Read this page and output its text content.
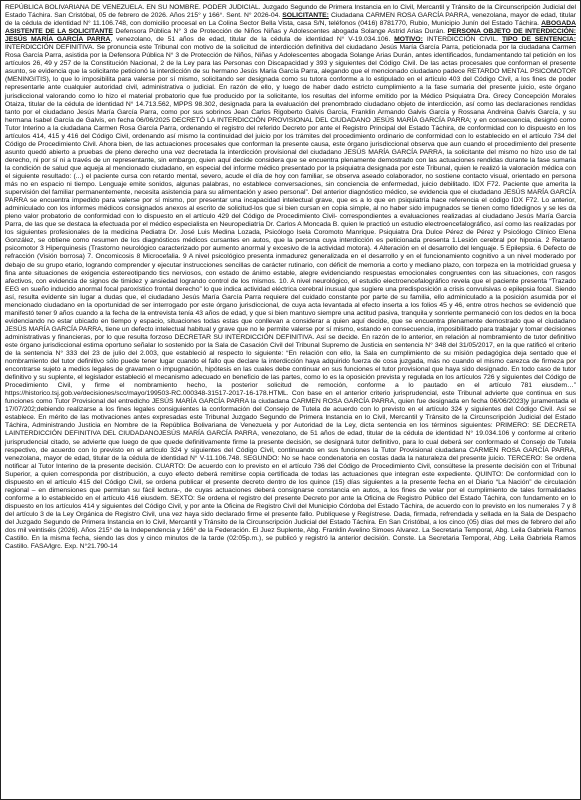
REPÚBLICA BOLIVARIANA DE VENEZUELA. EN SU NOMBRE. PODER JUDICIAL. Juzgado Segundo de Primera Instancia en lo Civil, Mercantil y Tránsito de la Circunscripción Judicial del Estado Táchira. San Cristóbal, 05 de febrero de 2026. Años 215° y 166°. Sent. N° 2026-04. SOLICITANTE: Ciudadana CARMEN ROSA GARCÍA PARRA, venezolana, mayor de edad, titular de la cédula de identidad N° 11.106.748, con domicilio procesal en La Colina Sector Bella Vista, casa S/N, teléfonos (0416) 8781770, Rubio, Municipio Junín del Estado Táchira. ABOGADA ASISTENTE DE LA SOLICITANTE Defensora Pública N° 3 de Protección de Niños Niñas y Adolescentes abogada Solange Astrid Arias Durán. PERSONA OBJETO DE INTERDICCIÓN: JESÚS MARÍA GARCÍA PARRA, venezolano, de 51 años de edad, titular de la cédula de identidad N° V-19.034.106. MOTIVO: INTERDICCIÓN CIVIL. TIPO DE SENTENCIA: INTERDICCIÓN DEFINITIVA. Se pronuncia este Tribunal con motivo de la solicitud de interdicción definitiva del ciudadano Jesús María García Parra, peticionada por la ciudadana Carmen Rosa García Parra, asistida por la Defensora Pública N° 3 de Protección de Niños, Niñas y Adolescentes abogada Solange Arias Durán, antes identificados, fundamentando tal petición en los artículos 26, 49 y 257 de la Constitución Nacional, 2 de la Ley para las Personas con Discapacidad y 393 y siguientes del Código Civil. De las actas procesales que conforman el presente asunto, se evidencia que la solicitante peticionó la interdicción de su hermano Jesús María García Parra, alegando que el mencionado ciudadano padece RETARDO MENTAL PSICOMOTOR (MENINGITIS), lo que lo imposibilita para valerse por sí mismo, solicitando ser designada como su tutora conforme a lo estipulado en el artículo 403 del Código Civil, a los fines de poder representarle ante cualquier autoridad civil, administrativa o judicial. En razón de ello, y luego de haber dado estricto cumplimiento a la fase sumaria del presente juicio, este órgano jurisdiccional valorando como lo hizo el material probatorio que fue producido por la solicitante, los resultas del informe emitido por la Médico Psiquiatra Dra. Grecy Concepción Morales Otaiza, titular de la cédula de identidad N° 14.713.562, MPPS 98.302, designada para la evaluación del prenombrado ciudadano objeto de interdicción, así como las declaraciones rendidas tanto por el ciudadano Jesús María García Parra, como por sus sobrinos Jean Carlos Rigoberto Galvis García, Franklin Armando Galvis García y Rossana Andreina Galvis García, y su hermana Isabel García de Galvis, en fecha 06/06/2025 DECRETÓ LA INTERDICCIÓN PROVISIONAL DEL CIUDADANO JESÚS MARÍA GARCÍA PARRA; y en consecuencia, designó como Tutor Interino a la ciudadana Carmen Rosa García Parra, ordenando el registro del referido Decreto por ante el Registro Principal del Estado Táchira, de conformidad con lo dispuesto en los artículos 414, 415 y 416 del Código Civil, ordenando así mismo la continuidad del juicio por los trámites del procedimiento ordinario de conformidad con lo establecido en el artículo 734 del Código de Procedimiento Civil. Ahora bien, de las actuaciones procesales que conforman la presente causa, este órgano jurisdiccional observa que aun cuando el procedimiento del presente asunto quedó abierto a pruebas de pleno derecho una vez decretada la interdicción provisional del ciudadano JESÚS MARÍA GARCÍA PARRA, la solicitante del mismo no hizo uso de tal derecho, ni por sí ni a través de un representante, sin embargo, quien aquí decide considera que se encuentra plenamente demostrado con las actuaciones rendidas durante la fase sumaria la condición de salud que aqueja al mencionado ciudadano, en especial del informe médico presentado por la psiquiatra designada por este Tribunal, quien le realizó la valoración médica con el siguiente resultado: (...) el paciente cursa con retardo mental, severo, acude el día de hoy con familiar, se observa aseado colaborador, no sostiene contacto visual, orientado en persona más no en espacio ni tiempo. Lenguaje emite sonidos, algunas palabras, no establece conversaciones, sin conciencia de enfermedad, juicio debilitado. IDX F72. Paciente que amerita la supervisión del familiar permanentemente, necesita asistencia para su alimentación y aseo personal”. Del anterior diagnóstico médico, se evidencia que el ciudadano JESÚS MARÍA GARCÍA PARRA se encuentra impedido para valerse por sí mismo, por presentar una incapacidad intelectual grave, que es a lo que en psiquiatría hace referencia el código IDX F72. Lo anterior, adminiculado con los informes médicos consignados anexos al escrito de solicitud-los que si bien cursan en copia simple, al no haber sido impugnados se tienen como fidedignos y se les da pleno valor probatorio de conformidad con lo dispuesto en el artículo 429 del Código de Procedimiento Civil- correspondientes a evaluaciones realizadas al ciudadano Jesús María García Parra, de las que se destaca la efectuada por el médico especialista en Neuropediatría Dr. Carlos A Moncada B. quien le practicó un estudio electroencefalográfico, así como las realizadas por los siguientes profesionales de la medicina Pediatra Dr. José Luis Medina Lozada, Psicólogo Isela Coromoto Manrique. Psiquiatra Dra Dulce Pérez de Pérez y Psicólogo Clínico Elena González, se obtiene como resumen de los diagnósticos médicos cursantes en autos, que la persona cuya interdicción es peticionada presenta 1.Lesión cerebral por hipoxia. 2 Retardo psicomotor 3 Hiperquinesis (Trastorno neurológico caracterizado por aumento anormal y excesivo de la actividad motora). 4 Alteración en el desarrollo del lenguaje. 5 Epilepsia. 6 Defecto de refracción (Visión borrosa) 7. Oncomicosis 8 Microcefalia. 9 A nivel psicológico presenta inmadurez generalizada en el desarrollo y en el funcionamiento cognitivo a un nivel moderado por debajo de su grupo etario, logrando comprender y ejecutar instrucciones sencillas de carácter rutinario, con déficit de memoria a corto y mediano plazo, con torpeza en la motricidad gruesa y fina ante situaciones de exigencia estereotipando tics nerviosos, con estado de ánimo estable, alegre evidenciando respuestas emocionales congruentes con las situaciones, con rasgos afectivos, con evidencia de signos de timidez y ansiedad logrando control de los mismos. 10. A nivel neurológico, el estudio electroencefalográfico revela que el paciente presenta “Trazado EEG en sueño inducido anormal focal paroxístico frontal derecho” lo que indica actividad eléctrica cerebral inusual que sugiere una predisposición a crisis convulsivas o epilepsia focal. Siendo así, resulta evidente sin lugar a dudas que, el ciudadano Jesús María García Parra requiere del cuidado constante por parte de su familia, ello adminiculado a la posición asumida por el mencionado ciudadano en la oportunidad de ser interrogado por este órgano jurisdiccional, de cuya acta levantada al efecto inserta a los folios 45 y 46, entre otros hechos se evidenció que manifestó tener 9 años cuando a la fecha de la entrevista tenía 43 años de edad, y que si bien mantuvo siempre una actitud pasiva, tranquila y sonriente permaneció con los dedos en la boca evidenciando no estar ubicado en tiempo y espacio, situaciones todas estas que conllevan a considerar a quien aquí decide, que se encuentra plenamente demostrado que el ciudadano JESÚS MARÍA GARCÍA PARRA, tiene un defecto intelectual habitual y grave que no le permite valerse por sí mismo, estando en consecuencia, imposibilitado para trabajar y tomar decisiones administrativas y financieras, por lo que resulta forzoso DECRETAR SU INTERDICCIÓN DEFINITIVA. Así se decide. En razón de lo anterior, en relación al nombramiento de tutor definitivo este órgano jurisdiccional estima oportuno señalar lo sostenido por la Sala de Casación Civil del Tribunal Supremo de Justicia en sentencia N° 348 del 31/05/2017, en la que ratificó el criterio de la sentencia N° 333 del 23 de julio del 2.003, que estableció al respecto lo siguiente: “En relación con ello, la Sala en cumplimiento de su misión pedagógica deja sentado que el nombramiento del tutor definitivo sólo puede tener lugar cuando el fallo que declare la interdicción haya adquirido fuerza de cosa juzgada, más no cuando el mismo carezca de firmeza por encontrarse sujeto a medios legales de gravamen o impugnación, hipótesis en las cuales debe continuar en sus funciones el tutor provisional que haya sido designado. En todo caso de tutor definitivo y su suplente, el legislador estableció el mecanismo adecuado en beneficio de las partes, como lo es la oposición prevista y regulada en los artículos 726 y siguientes del Código de Procedimiento Civil, y firme el nombramiento hecho, la posterior solicitud de remoción, conforme a lo pautado en el artículo 781 eiusdem…” https://historico.tsj.gob.ve/decisiones/scc/mayo/199503-RC.000348-31517-2017-16-178.HTML. Con base en el anterior criterio jurisprudencial, este Tribunal advierte que continua en sus funciones como Tutor Provisional del entredicho JESÚS MARÍA GARCÍA PARRA la ciudadana CARMEN ROSA GARCÍA PARRA, quien fue designada en fecha 06/06/2023)y juramentada el 17/07/202;debiendo realizarse a los fines legales consiguientes la conformación del Consejo de Tutela de acuerdo con lo previsto en el artículo 324 y siguientes del Código Civil. Así se establece. En mérito de las motivaciones antes expresadas este Tribunal Juzgado Segundo de Primera Instancia en lo Civil, Mercantil y Tránsito de la Circunscripción Judicial del Estado Táchira, Administrando Justicia en Nombre de la República Bolivariana de Venezuela y por Autoridad de la Ley, dicta sentencia en los términos siguientes: PRIMERO: SE DECRETA LAINTERDICCIÓN DEFINITIVA DEL CIUDADANOJESÚS MARÍA GARCÍA PARRA, venezolano, de 51 años de edad, titular de la cédula de identidad N° 19.034.106 y conforme al criterio jurisprudencial citado, se advierte que luego de que quede definitivamente firme la presente decisión, se designará tutor definitivo, para lo cual deberá ser conformado el Consejo de Tutela respectivo, de acuerdo con lo previsto en el artículo 324 y siguientes del Código Civil, continuando en sus funciones la Tutor Provisional ciudadana CARMEN ROSA GARCÍA PARRA, venezolana, mayor de edad, titular de la cédula de identidad N° V-11.106.748. SEGUNDO: No se hace condenatoria en costas dada la naturaleza del presente juicio. TERCERO: Se ordena notificar al Tutor Interino de la presente decisión. CUARTO: De acuerdo con lo previsto en el artículo 736 del Código de Procedimiento Civil, consúltese la presente decisión con el Tribunal Superior, a quien corresponda por distribución, a cuyo efecto deberá remitirse copia certificada de todas las actuaciones que integran este expediente. QUINTO: De conformidad con lo dispuesto en el artículo 415 del Código Civil, se ordena publicar el presente decreto dentro de los quince (15) días siguientes a la presente fecha en el Diario “La Nación” de circulación regional – en dimensiones que permitan su fácil lectura-, de cuyas actuaciones deberá consignarse constancia en autos, a los fines de velar por el cumplimiento de tales formalidades conforme a lo establecido en el artículo 416 eiusdem. SEXTO: Se ordena el registro del presente Decreto por ante la Oficina de Registro Público del Estado Táchira, con fundamento en lo dispuesto en los artículos 414 y siguientes del Código Civil, y por ante la Oficina de Registro Civil del Municipio Córdoba del Estado Táchira, de acuerdo con lo previsto en los numerales 7 y 8 del artículo 3 de la Ley Orgánica de Registro Civil, una vez haya sido declarado firme el presente fallo. Publíquese y Regístrese. Dada, firmada, refrendada y sellada en la Sala de Despacho del Juzgado Segundo de Primera Instancia en lo Civil, Mercantil y Tránsito de la Circunscripción Judicial del Estado Táchira. En San Cristóbal, a los cinco (05) días del mes de febrero del año dos mil veintiséis (2026). Años 215° de la Independencia y 166° de la Federación. El Juez Suplente, Abg. Franklin Avelino Simoes Alvarez. La Secretaria Temporal, Abg. Leila Gabriela Ramos Castillo. En la misma fecha, siendo las dos y cinco minutos de la tarde (02:05p.m.), se publicó y registró la anterior decisión. Conste. La Secretaria Temporal, Abg. Leila Gabriela Ramos Castillo. FASA/lgrc. Exp. N°21.790-14
